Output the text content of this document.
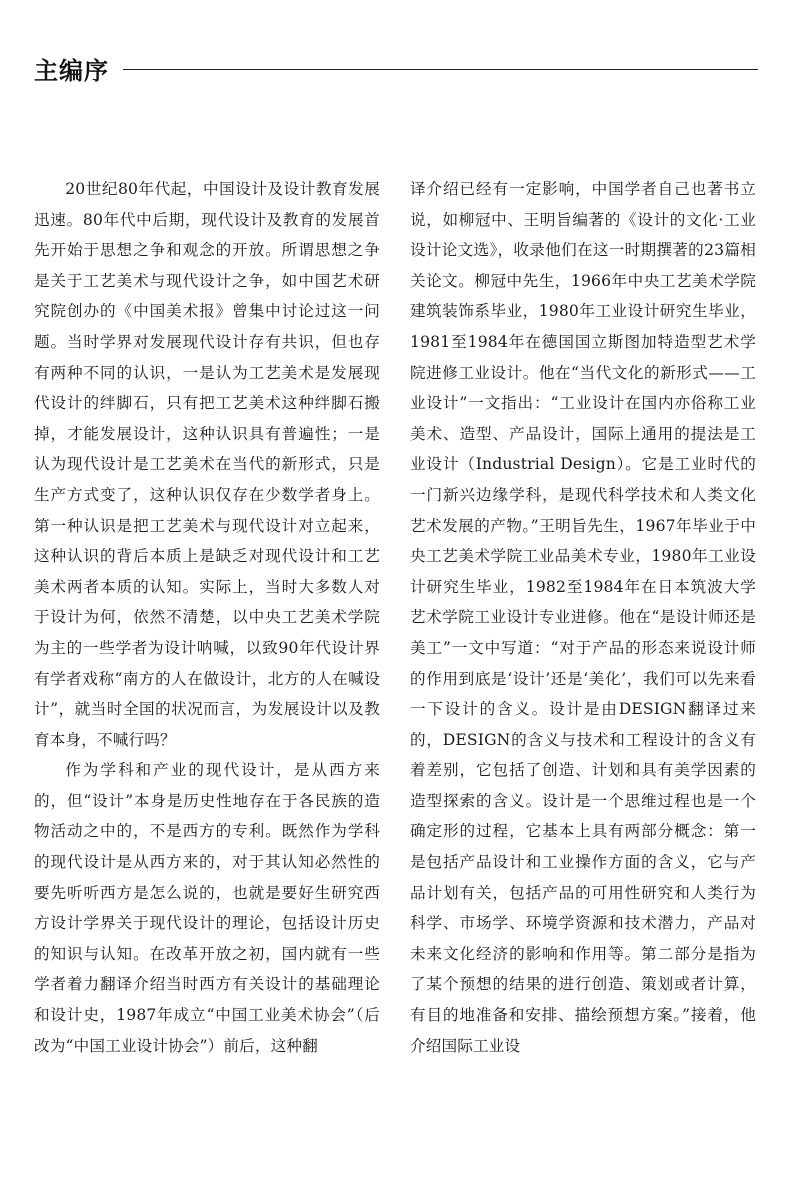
主编序

20世纪80年代起，中国设计及设计教育发展迅速。80年代中后期，现代设计及教育的发展首先开始于思想之争和观念的开放。所谓思想之争是关于工艺美术与现代设计之争，如中国艺术研究院创办的《中国美术报》曾集中讨论过这一问题。当时学界对发展现代设计存有共识，但也存有两种不同的认识，一是认为工艺美术是发展现代设计的绊脚石，只有把工艺美术这种绊脚石搬掉，才能发展设计，这种认识具有普遍性；一是认为现代设计是工艺美术在当代的新形式，只是生产方式变了，这种认识仅存在少数学者身上。第一种认识是把工艺美术与现代设计对立起来，这种认识的背后本质上是缺乏对现代设计和工艺美术两者本质的认知。实际上，当时大多数人对于设计为何，依然不清楚，以中央工艺美术学院为主的一些学者为设计呐喊，以致90年代设计界有学者戏称“南方的人在做设计，北方的人在喊设计”，就当时全国的状况而言，为发展设计以及教育本身，不喊行吗？

作为学科和产业的现代设计，是从西方来的，但“设计”本身是历史性地存在于各民族的造物活动之中的，不是西方的专利。既然作为学科的现代设计是从西方来的，对于其认知必然性的要先听听西方是怎么说的，也就是要好生研究西方设计学界关于现代设计的理论，包括设计历史的知识与认知。在改革开放之初，国内就有一些学者着力翻译介绍当时西方有关设计的基础理论和设计史，1987年成立“中国工业美术协会”（后改为“中国工业设计协会”）前后，这种翻

译介绍已经有一定影响，中国学者自己也著书立说，如柳冠中、王明旨编著的《设计的文化·工业设计论文选》，收录他们在这一时期撰著的23篇相关论文。柳冠中先生，1966年中央工艺美术学院建筑装饰系毕业，1980年工业设计研究生毕业，1981至1984年在德国国立斯图加特造型艺术学院进修工业设计。他在“当代文化的新形式——工业设计”一文指出：“工业设计在国内亦俗称工业美术、造型、产品设计，国际上通用的提法是工业设计（Industrial Design）。它是工业时代的一门新兴边缘学科，是现代科学技术和人类文化艺术发展的产物。”王明旨先生，1967年毕业于中央工艺美术学院工业品美术专业，1980年工业设计研究生毕业，1982至1984年在日本筑波大学艺术学院工业设计专业进修。他在“是设计师还是美工”一文中写道：“对于产品的形态来说设计师的作用到底是‘设计’还是‘美化’，我们可以先来看一下设计的含义。设计是由DESIGN翻译过来的，DESIGN的含义与技术和工程设计的含义有着差别，它包括了创造、计划和具有美学因素的造型探索的含义。设计是一个思维过程也是一个确定形的过程，它基本上具有两部分概念：第一是包括产品设计和工业操作方面的含义，它与产品计划有关，包括产品的可用性研究和人类行为科学、市场学、环境学资源和技术潜力，产品对未来文化经济的影响和作用等。第二部分是指为了某个预想的结果的进行创造、策划或者计算，有目的地准备和安排、描绘预想方案。”接着，他介绍国际工业设
